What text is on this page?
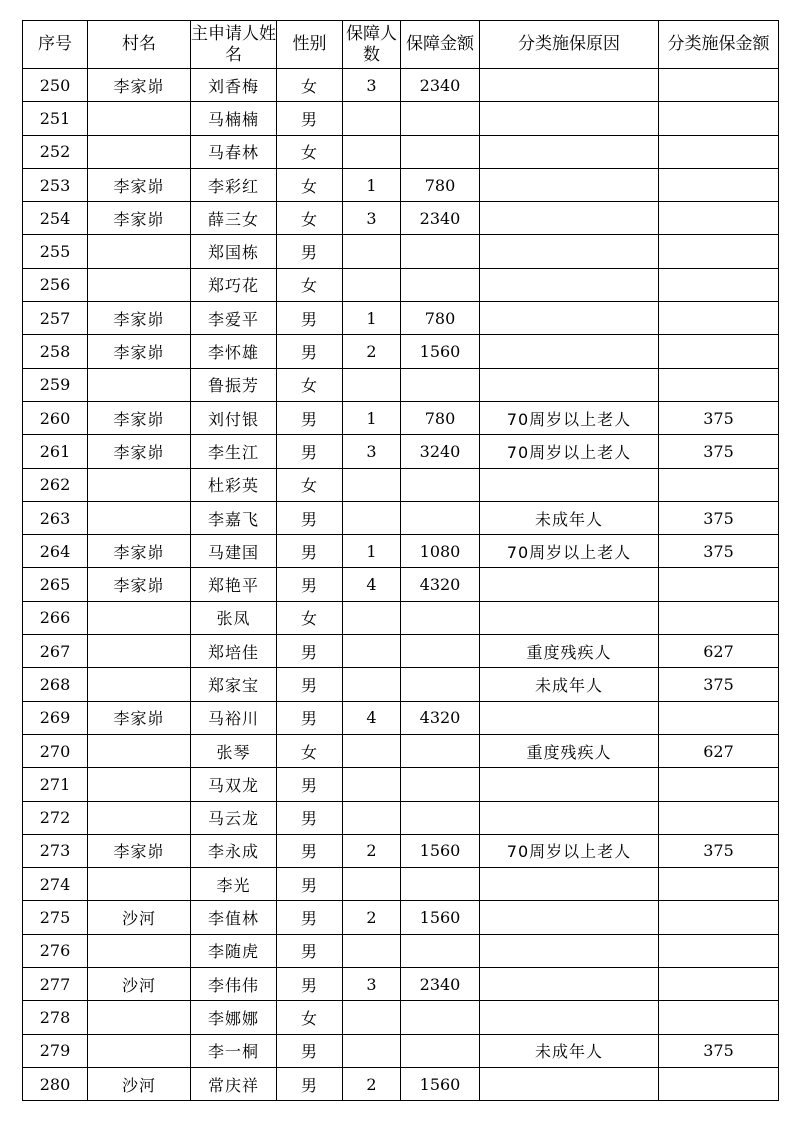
序号	村名	主申请人姓名	性别	保障人数	保障金额	分类施保原因	分类施保金额
250	李家峁	刘香梅	女	3	2340		
251		马楠楠	男				
252		马春林	女				
253	李家峁	李彩红	女	1	780		
254	李家峁	薛三女	女	3	2340		
255		郑国栋	男				
256		郑巧花	女				
257	李家峁	李爱平	男	1	780		
258	李家峁	李怀雄	男	2	1560		
259		鲁振芳	女				
260	李家峁	刘付银	男	1	780	70周岁以上老人	375
261	李家峁	李生江	男	3	3240	70周岁以上老人	375
262		杜彩英	女				
263		李嘉飞	男			未成年人	375
264	李家峁	马建国	男	1	1080	70周岁以上老人	375
265	李家峁	郑艳平	男	4	4320		
266		张凤	女				
267		郑培佳	男			重度残疾人	627
268		郑家宝	男			未成年人	375
269	李家峁	马裕川	男	4	4320		
270		张琴	女			重度残疾人	627
271		马双龙	男				
272		马云龙	男				
273	李家峁	李永成	男	2	1560	70周岁以上老人	375
274		李光	男				
275	沙河	李值林	男	2	1560		
276		李随虎	男				
277	沙河	李伟伟	男	3	2340		
278		李娜娜	女				
279		李一桐	男			未成年人	375
280	沙河	常庆祥	男	2	1560		
